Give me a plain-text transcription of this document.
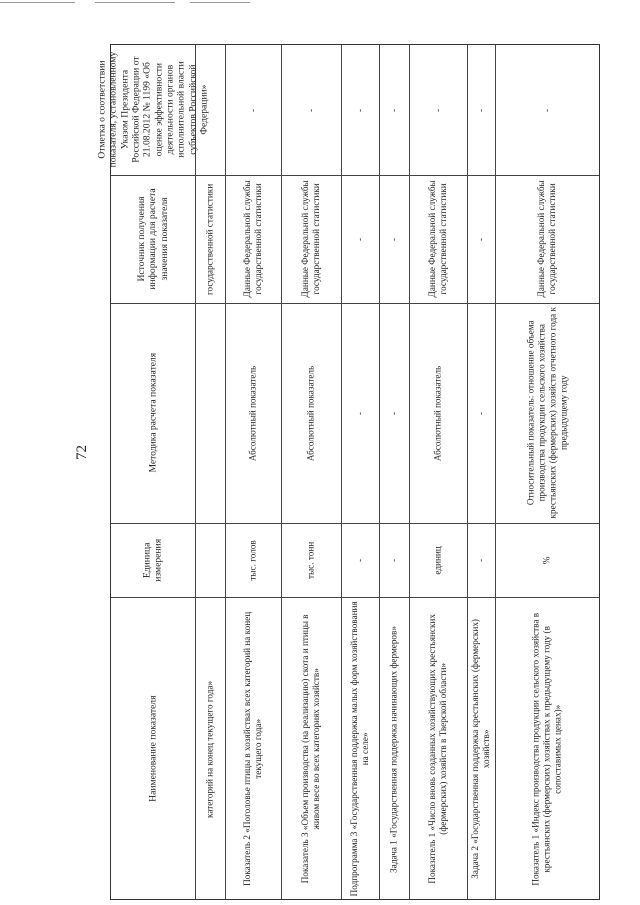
72
Отметка о соответствии показателя, установленному Указом Президента Российской Федерации от 21.08.2012 № 1199 «Об оценке эффективности деятельности органов исполнительной власти субъектов Российской Федерации»
Источник получения информации для расчета значения показателя
Методика расчета показателя
Единица измерения
Наименование показателя
государственной статистики
категорий на конец текущего года»
-
Данные Федеральной службы государственной статистики
Абсолютный показатель
тыс. голов
Показатель 2 «Поголовье птицы в хозяйствах всех категорий на конец текущего года»
-
Данные Федеральной службы государственной статистики
Абсолютный показатель
тыс. тонн
Показатель 3 «Объем производства (на реализацию) скота и птицы в живом весе во всех категориях хозяйств»
-
-
-
-
Подпрограмма 3 «Государственная поддержка малых форм хозяйствования на селе»
-
-
-
-
Задача 1 «Государственная поддержка начинающих фермеров»
-
Данные Федеральной службы государственной статистики
Абсолютный показатель
единиц
Показатель 1 «Число вновь созданных хозяйствующих крестьянских (фермерских) хозяйств в Тверской области»
-
-
-
-
Задача 2 «Государственная поддержка крестьянских (фермерских) хозяйств»
-
Данные Федеральной службы государственной статистики
Относительный показатель: отношение объема производства продукции сельского хозяйства крестьянских (фермерских) хозяйств отчетного года к предыдущему году
%
Показатель 1 «Индекс производства продукции сельского хозяйства в крестьянских (фермерских) хозяйствах к предыдущему году (в сопоставимых ценах)»
